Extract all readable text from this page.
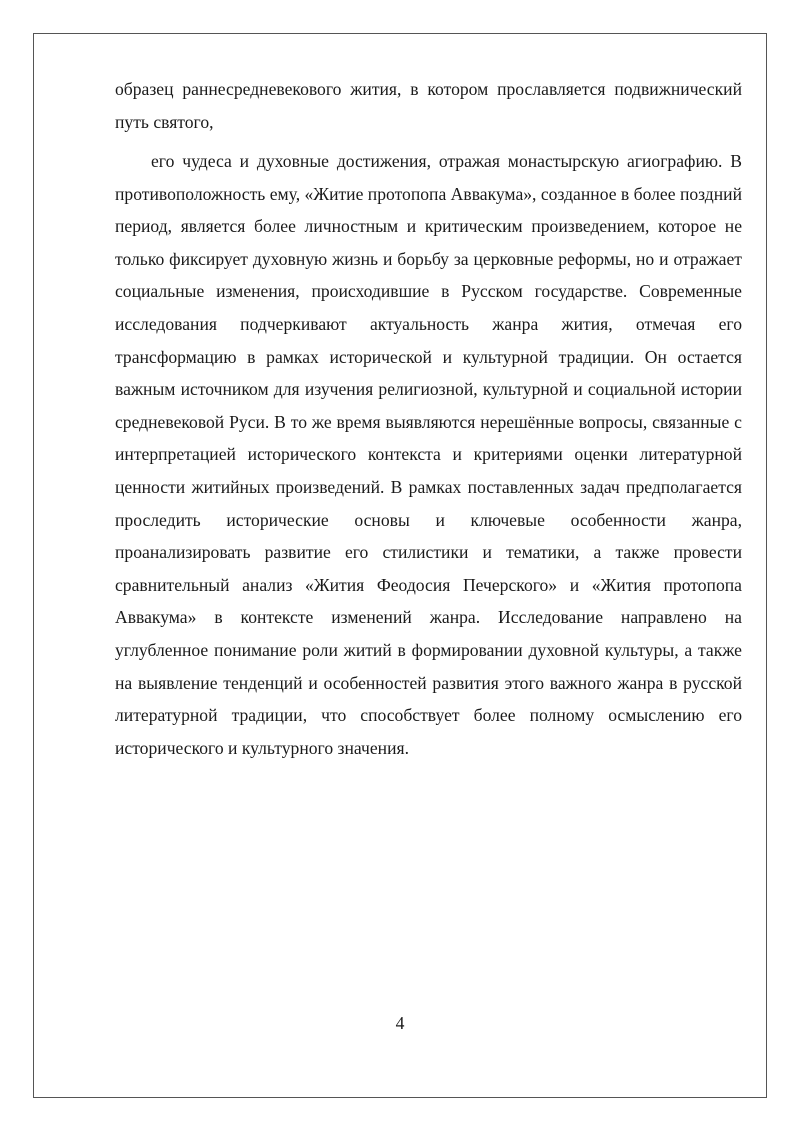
образец раннесредневекового жития, в котором прославляется подвижнический путь святого,

его чудеса и духовные достижения, отражая монастырскую агиографию. В противоположность ему, «Житие протопопа Аввакума», созданное в более поздний период, является более личностным и критическим произведением, которое не только фиксирует духовную жизнь и борьбу за церковные реформы, но и отражает социальные изменения, происходившие в Русском государстве. Современные исследования подчеркивают актуальность жанра жития, отмечая его трансформацию в рамках исторической и культурной традиции. Он остается важным источником для изучения религиозной, культурной и социальной истории средневековой Руси. В то же время выявляются нерешённые вопросы, связанные с интерпретацией исторического контекста и критериями оценки литературной ценности житийных произведений. В рамках поставленных задач предполагается проследить исторические основы и ключевые особенности жанра, проанализировать развитие его стилистики и тематики, а также провести сравнительный анализ «Жития Феодосия Печерского» и «Жития протопопа Аввакума» в контексте изменений жанра. Исследование направлено на углубленное понимание роли житий в формировании духовной культуры, а также на выявление тенденций и особенностей развития этого важного жанра в русской литературной традиции, что способствует более полному осмыслению его исторического и культурного значения.

4
